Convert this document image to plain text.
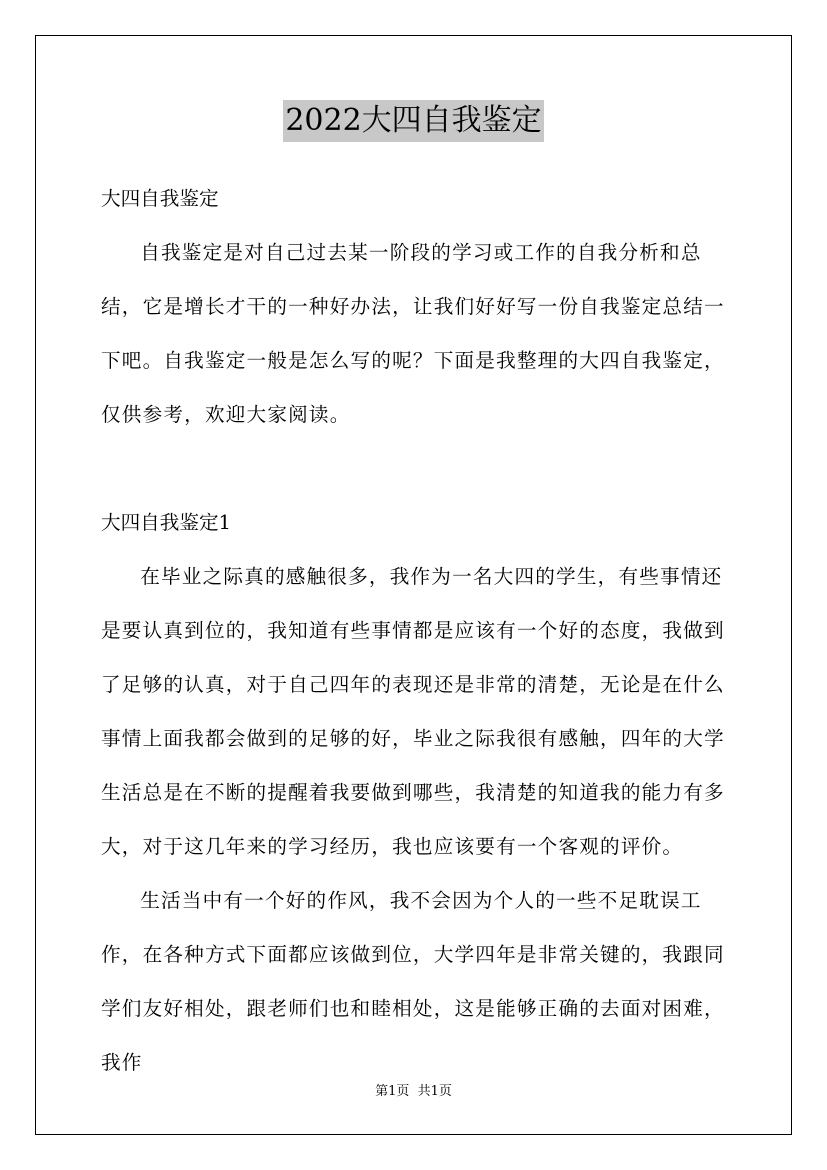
2022大四自我鉴定

大四自我鉴定

自我鉴定是对自己过去某一阶段的学习或工作的自我分析和总结，它是增长才干的一种好办法，让我们好好写一份自我鉴定总结一下吧。自我鉴定一般是怎么写的呢？下面是我整理的大四自我鉴定，仅供参考，欢迎大家阅读。

大四自我鉴定1

在毕业之际真的感触很多，我作为一名大四的学生，有些事情还是要认真到位的，我知道有些事情都是应该有一个好的态度，我做到了足够的认真，对于自己四年的表现还是非常的清楚，无论是在什么事情上面我都会做到的足够的好，毕业之际我很有感触，四年的大学生活总是在不断的提醒着我要做到哪些，我清楚的知道我的能力有多大，对于这几年来的学习经历，我也应该要有一个客观的评价。

生活当中有一个好的作风，我不会因为个人的一些不足耽误工作，在各种方式下面都应该做到位，大学四年是非常关键的，我跟同学们友好相处，跟老师们也和睦相处，这是能够正确的去面对困难，我作

第1页  共1页
